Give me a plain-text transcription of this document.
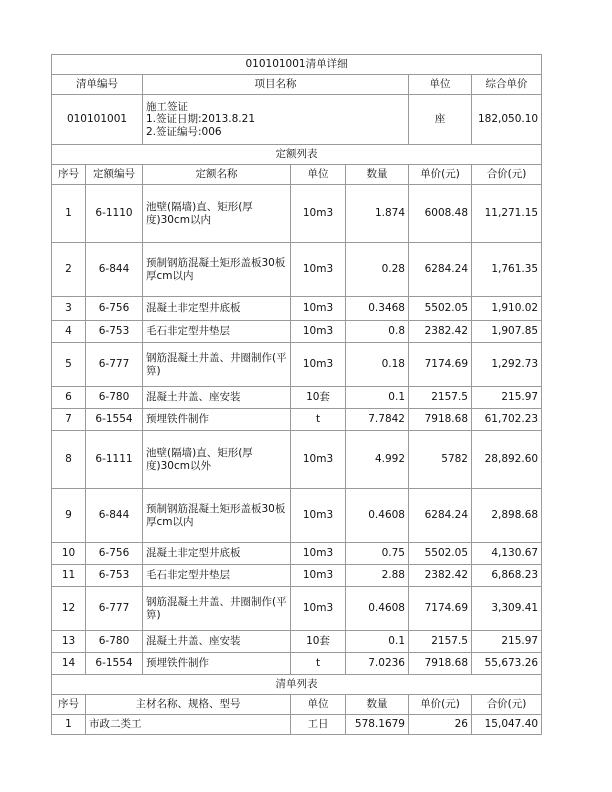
010101001清单详细						
清单编号		项目名称			单位	综合单价
010101001		施工签证
1.签证日期:2013.8.21
2.签证编号:006			座	182,050.10
定额列表						
序号	定额编号	定额名称	单位	数量	单价(元)	合价(元)
1	6-1110	池壁(隔墙)直、矩形(厚度)30cm以内	10m3	1.874	6008.48	11,271.15
2	6-844	预制钢筋混凝土矩形盖板30板厚cm以内	10m3	0.28	6284.24	1,761.35
3	6-756	混凝土非定型井底板	10m3	0.3468	5502.05	1,910.02
4	6-753	毛石非定型井垫层	10m3	0.8	2382.42	1,907.85
5	6-777	钢筋混凝土井盖、井圈制作(平箅)	10m3	0.18	7174.69	1,292.73
6	6-780	混凝土井盖、座安装	10套	0.1	2157.5	215.97
7	6-1554	预埋铁件制作	t	7.7842	7918.68	61,702.23
8	6-1111	池壁(隔墙)直、矩形(厚度)30cm以外	10m3	4.992	5782	28,892.60
9	6-844	预制钢筋混凝土矩形盖板30板厚cm以内	10m3	0.4608	6284.24	2,898.68
10	6-756	混凝土非定型井底板	10m3	0.75	5502.05	4,130.67
11	6-753	毛石非定型井垫层	10m3	2.88	2382.42	6,868.23
12	6-777	钢筋混凝土井盖、井圈制作(平箅)	10m3	0.4608	7174.69	3,309.41
13	6-780	混凝土井盖、座安装	10套	0.1	2157.5	215.97
14	6-1554	预埋铁件制作	t	7.0236	7918.68	55,673.26
清单列表						
序号	主材名称、规格、型号		单位	数量	单价(元)	合价(元)
1	市政二类工		工日	578.1679	26	15,047.40
